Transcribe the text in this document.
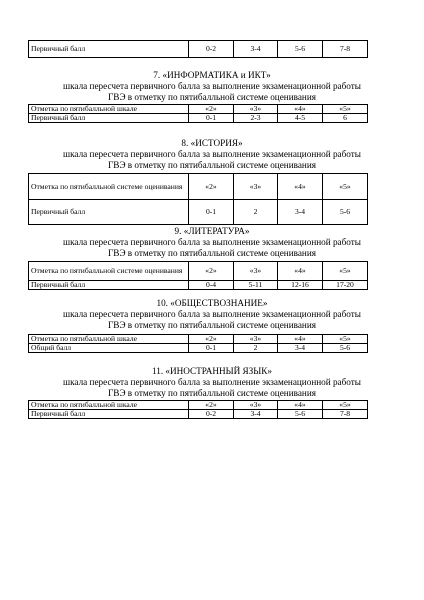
Первичный балл	0-2	3-4	5-6	7-8
7. «ИНФОРМАТИКА и ИКТ»
шкала пересчета первичного балла за выполнение экзаменационной работы ГВЭ в отметку по пятибалльной системе оценивания
Отметка по пятибалльной шкале	«2»	«3»	«4»	«5»
Первичный балл	0-1	2-3	4-5	6
8. «ИСТОРИЯ»
шкала пересчета первичного балла за выполнение экзаменационной работы ГВЭ в отметку по пятибалльной системе оценивания
Отметка по пятибалльной системе оценивания	«2»	«3»	«4»	«5»
Первичный балл	0-1	2	3-4	5-6
9. «ЛИТЕРАТУРА»
шкала пересчета первичного балла за выполнение экзаменационной работы ГВЭ в отметку по пятибалльной системе оценивания
Отметка по пятибалльной системе оценивания	«2»	«3»	«4»	«5»
Первичный балл	0-4	5-11	12-16	17-20
10. «ОБЩЕСТВОЗНАНИЕ»
шкала пересчета первичного балла за выполнение экзаменационной работы ГВЭ в отметку по пятибалльной системе оценивания
Отметка по пятибалльной шкале	«2»	«3»	«4»	«5»
Общий балл	0-1	2	3-4	5-6
11. «ИНОСТРАННЫЙ ЯЗЫК»
шкала пересчета первичного балла за выполнение экзаменационной работы ГВЭ в отметку по пятибалльной системе оценивания
Отметка по пятибалльной шкале	«2»	«3»	«4»	«5»
Первичный балл	0-2	3-4	5-6	7-8
